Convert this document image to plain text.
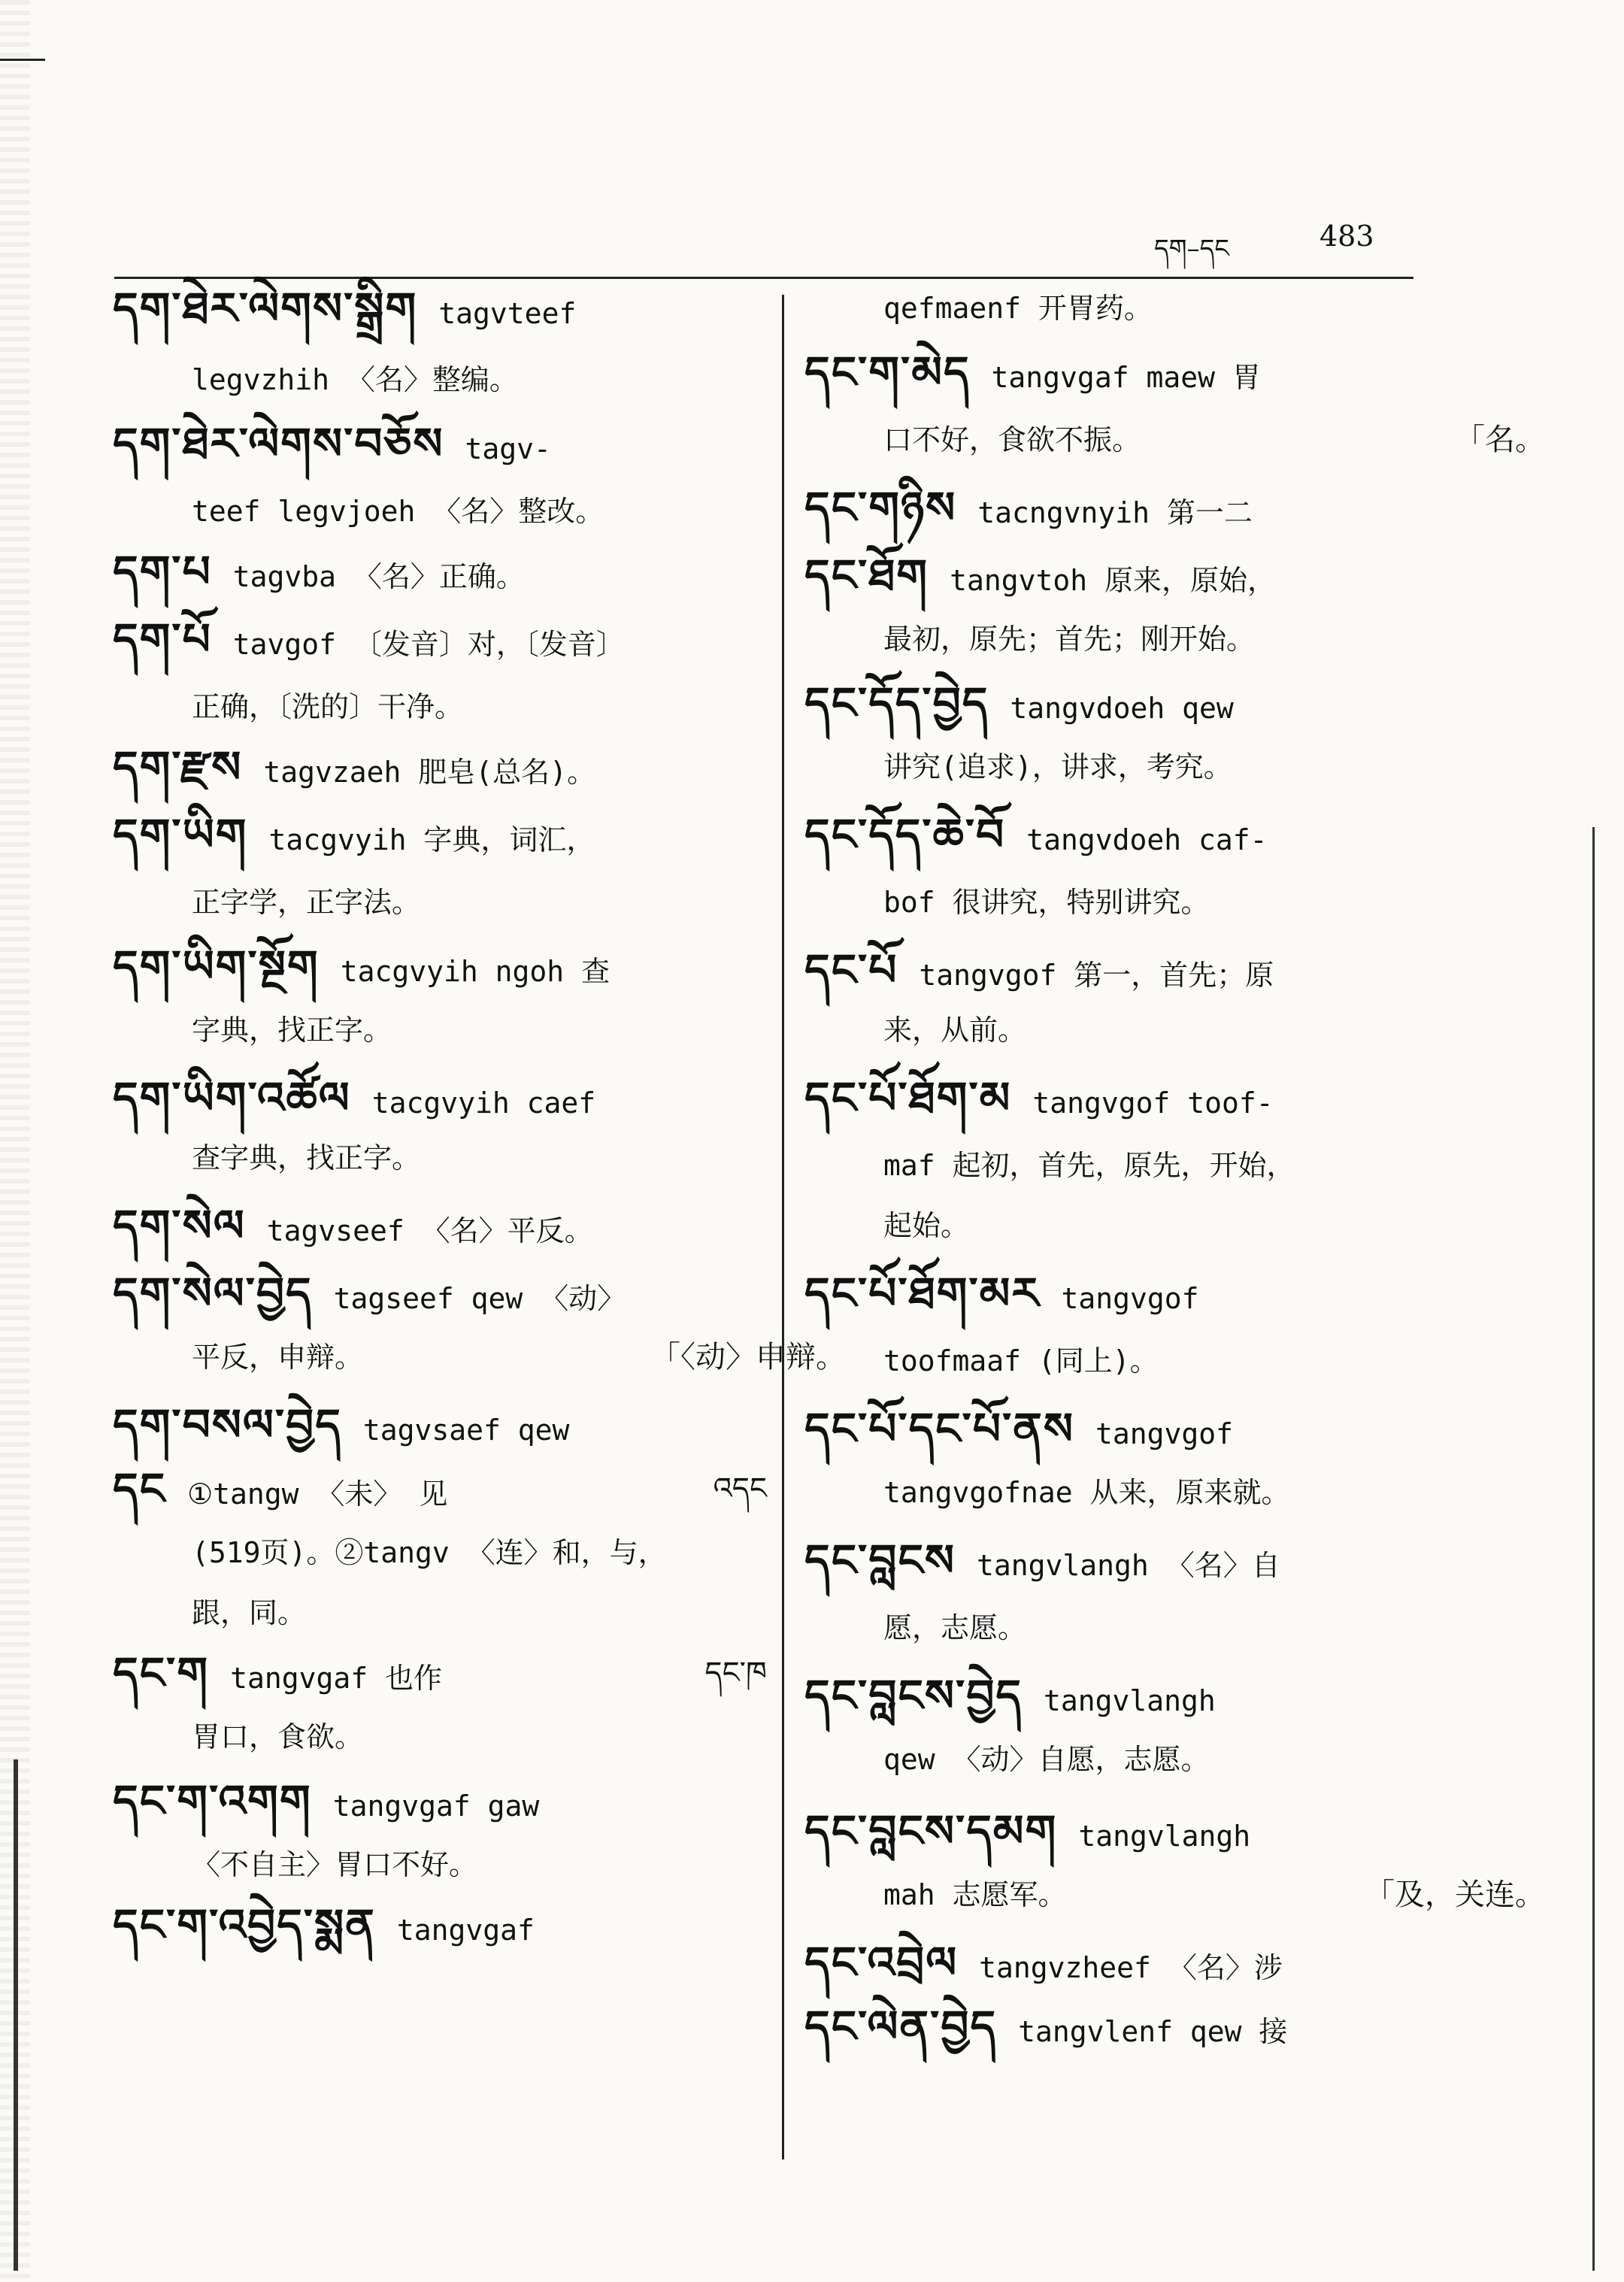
དག–དང	483
དག་ཐེར་ལེགས་སྒྲིག tagvteef
legvzhih 〈名〉整编。
དག་ཐེར་ལེགས་བཅོས tagv-
teef legvjoeh 〈名〉整改。
དག་པ tagvba 〈名〉正确。
དག་པོ tavgof 〔发音〕对，〔发音〕
正确，〔洗的〕干净。
དག་རྫས tagvzaeh 肥皂(总名)。
དག་ཡིག tacgvyih 字典，词汇，
正字学，正字法。
དག་ཡིག་སྔོག tacgvyih ngoh 查
字典，找正字。
དག་ཡིག་འཚོལ tacgvyih caef
查字典，找正字。
དག་སེལ tagvseef 〈名〉平反。
དག་སེལ་བྱེད tagseef qew 〈动〉
平反，申辩。	「〈动〉申辩。
དག་བསལ་བྱེད tagvsaef qew
དང ①tangw 〈未〉 见	འདང
(519页)。②tangv 〈连〉和，与，
跟，同。
དང་ག tangvgaf 也作	དང་ཁ
胃口，食欲。
དང་ག་འགག tangvgaf gaw
〈不自主〉胃口不好。
དང་ག་འབྱེད་སྨན tangvgaf
qefmaenf 开胃药。
དང་ག་མེད tangvgaf maew 胃
口不好，食欲不振。	「名。
དང་གཉིས tacngvnyih 第一二
དང་ཐོག tangvtoh 原来，原始，
最初，原先；首先；刚开始。
དང་དོད་བྱེད tangvdoeh qew
讲究(追求)，讲求，考究。
དང་དོད་ཆེ་བོ tangvdoeh caf-
bof 很讲究，特别讲究。
དང་པོ tangvgof 第一，首先；原
来，从前。
དང་པོ་ཐོག་མ tangvgof toof-
maf 起初，首先，原先，开始，
起始。
དང་པོ་ཐོག་མར tangvgof
toofmaaf (同上)。
དང་པོ་དང་པོ་ནས tangvgof
tangvgofnae 从来，原来就。
དང་བླངས tangvlangh 〈名〉自
愿，志愿。
དང་བླངས་བྱེད tangvlangh
qew 〈动〉自愿，志愿。
དང་བླངས་དམག tangvlangh
mah 志愿军。	「及，关连。
དང་འབྲེལ tangvzheef 〈名〉涉
དང་ལེན་བྱེད tangvlenf qew 接
